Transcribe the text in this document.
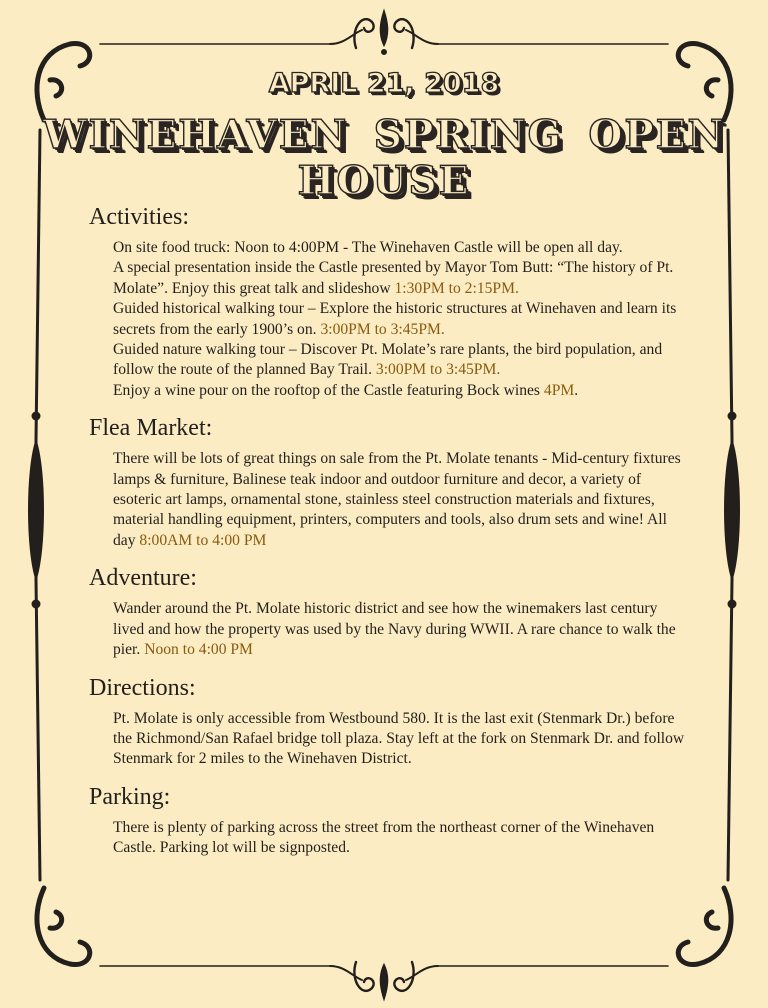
APRIL 21, 2018
WINEHAVEN SPRING OPEN HOUSE
Activities:
On site food truck: Noon to 4:00PM - The Winehaven Castle will be open all day.
A special presentation inside the Castle presented by Mayor Tom Butt: “The history of Pt. Molate”. Enjoy this great talk and slideshow 1:30PM to 2:15PM.
Guided historical walking tour – Explore the historic structures at Winehaven and learn its secrets from the early 1900’s on. 3:00PM to 3:45PM.
Guided nature walking tour – Discover Pt. Molate’s rare plants, the bird population, and follow the route of the planned Bay Trail. 3:00PM to 3:45PM.
Enjoy a wine pour on the rooftop of the Castle featuring Bock wines 4PM.
Flea Market:
There will be lots of great things on sale from the Pt. Molate tenants - Mid-century fixtures lamps & furniture, Balinese teak indoor and outdoor furniture and decor, a variety of esoteric art lamps, ornamental stone, stainless steel construction materials and fixtures, material handling equipment, printers, computers and tools, also drum sets and wine! All day 8:00AM to 4:00 PM
Adventure:
Wander around the Pt. Molate historic district and see how the winemakers last century lived and how the property was used by the Navy during WWII. A rare chance to walk the pier. Noon to 4:00 PM
Directions:
Pt. Molate is only accessible from Westbound 580. It is the last exit (Stenmark Dr.) before the Richmond/San Rafael bridge toll plaza. Stay left at the fork on Stenmark Dr. and follow Stenmark for 2 miles to the Winehaven District.
Parking:
There is plenty of parking across the street from the northeast corner of the Winehaven Castle. Parking lot will be signposted.
